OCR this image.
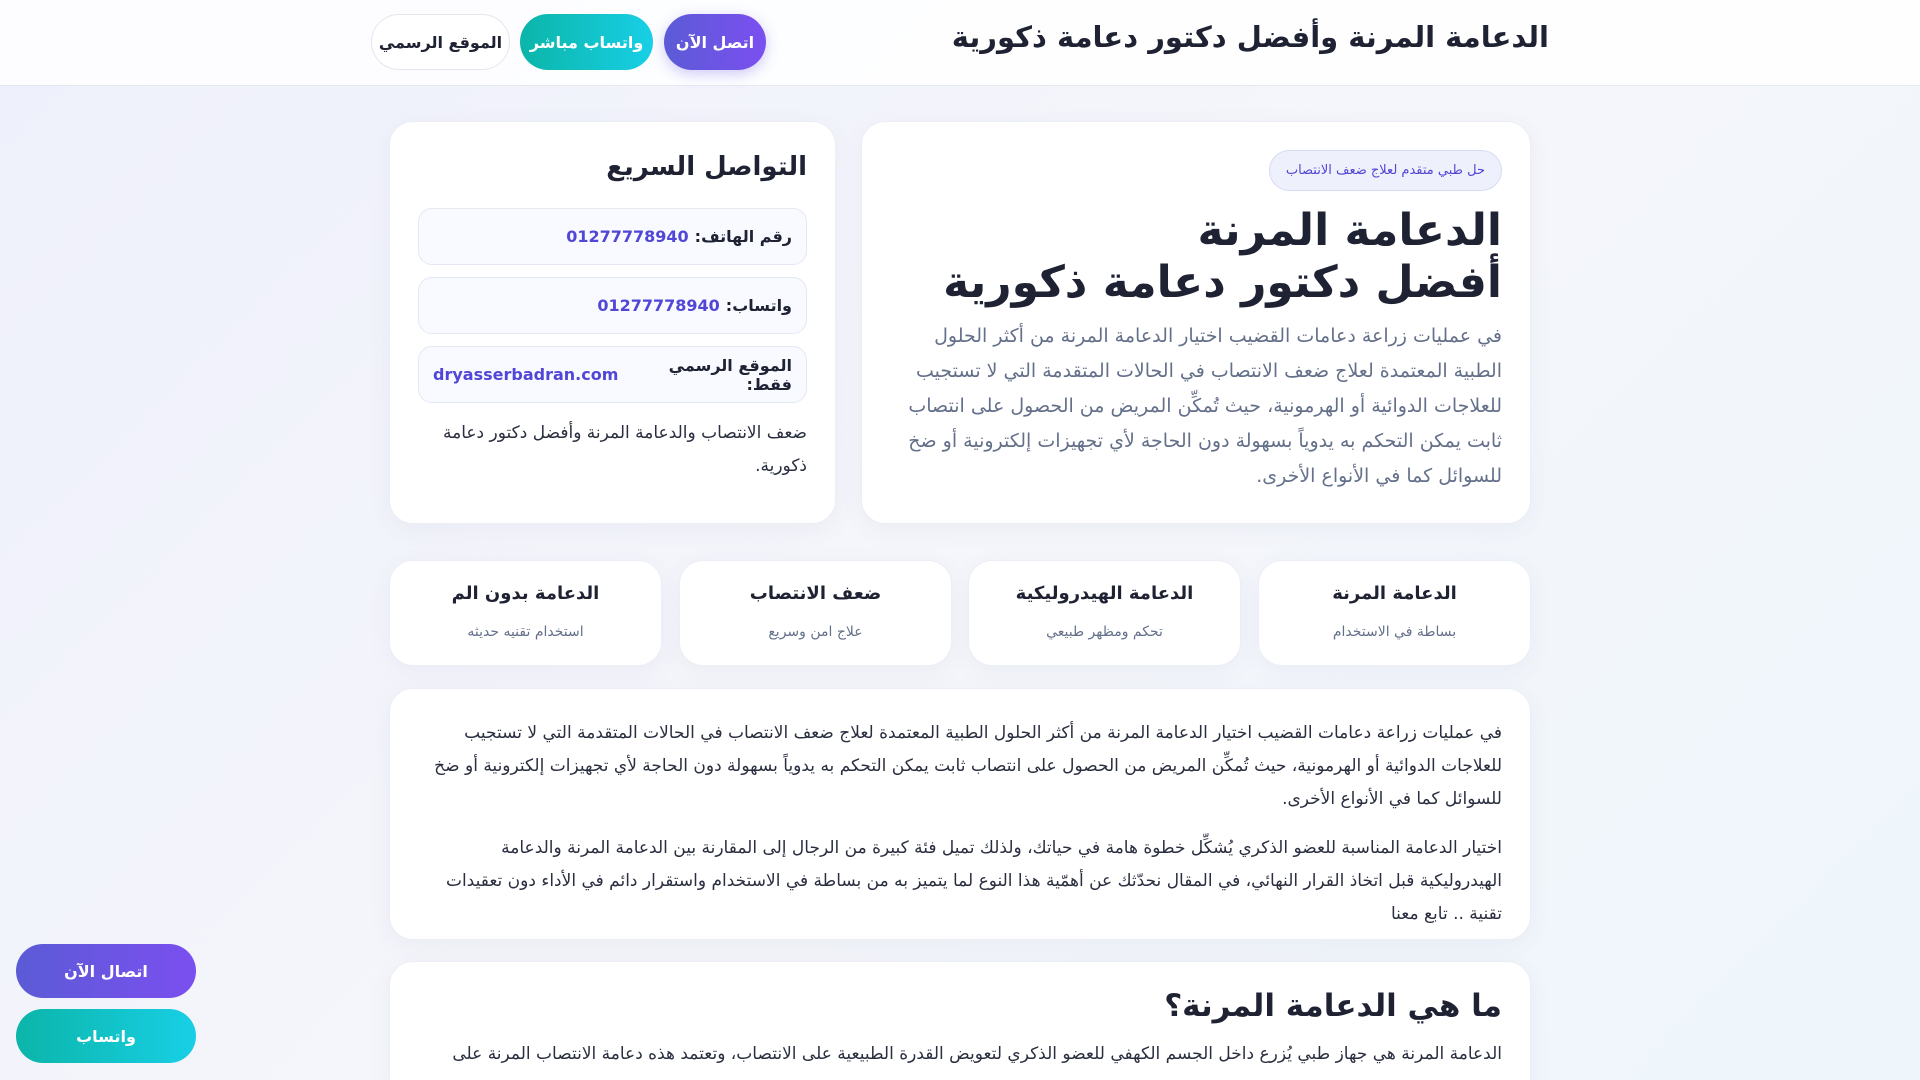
الدعامة المرنة وأفضل دكتور دعامة ذكورية
اتصل الآن
واتساب مباشر
الموقع الرسمي
حل طبي متقدم لعلاج ضعف الانتصاب
الدعامة المرنة
أفضل دكتور دعامة ذكورية

في عمليات زراعة دعامات القضيب اختيار الدعامة المرنة من أكثر الحلول الطبية المعتمدة لعلاج ضعف الانتصاب في الحالات المتقدمة التي لا تستجيب للعلاجات الدوائية أو الهرمونية، حيث تُمكِّن المريض من الحصول على انتصاب ثابت يمكن التحكم به يدوياً بسهولة دون الحاجة لأي تجهيزات إلكترونية أو ضخ للسوائل كما في الأنواع الأخرى.

التواصل السريع
رقم الهاتف:
01277778940
واتساب:
01277778940
الموقع الرسمي فقط:
dryasserbadran.com

ضعف الانتصاب والدعامة المرنة وأفضل دكتور دعامة ذكورية.

الدعامة المرنة
بساطة في الاستخدام
الدعامة الهيدروليكية
تحكم ومظهر طبيعي
ضعف الانتصاب
علاج امن وسريع
الدعامة بدون الم
استخدام تقنيه حديثه

في عمليات زراعة دعامات القضيب اختيار الدعامة المرنة من أكثر الحلول الطبية المعتمدة لعلاج ضعف الانتصاب في الحالات المتقدمة التي لا تستجيب للعلاجات الدوائية أو الهرمونية، حيث تُمكِّن المريض من الحصول على انتصاب ثابت يمكن التحكم به يدوياً بسهولة دون الحاجة لأي تجهيزات إلكترونية أو ضخ للسوائل كما في الأنواع الأخرى.

اختيار الدعامة المناسبة للعضو الذكري يُشكِّل خطوة هامة في حياتك، ولذلك تميل فئة كبيرة من الرجال إلى المقارنة بين الدعامة المرنة والدعامة الهيدروليكية قبل اتخاذ القرار النهائي، في المقال نحدّثك عن أهمّية هذا النوع لما يتميز به من بساطة في الاستخدام واستقرار دائم في الأداء دون تعقيدات تقنية .. تابع معنا

ما هي الدعامة المرنة؟

الدعامة المرنة هي جهاز طبي يُزرع داخل الجسم الكهفي للعضو الذكري لتعويض القدرة الطبيعية على الانتصاب، وتعتمد هذه دعامة الانتصاب المرنة على

اتصال الآن
واتساب
